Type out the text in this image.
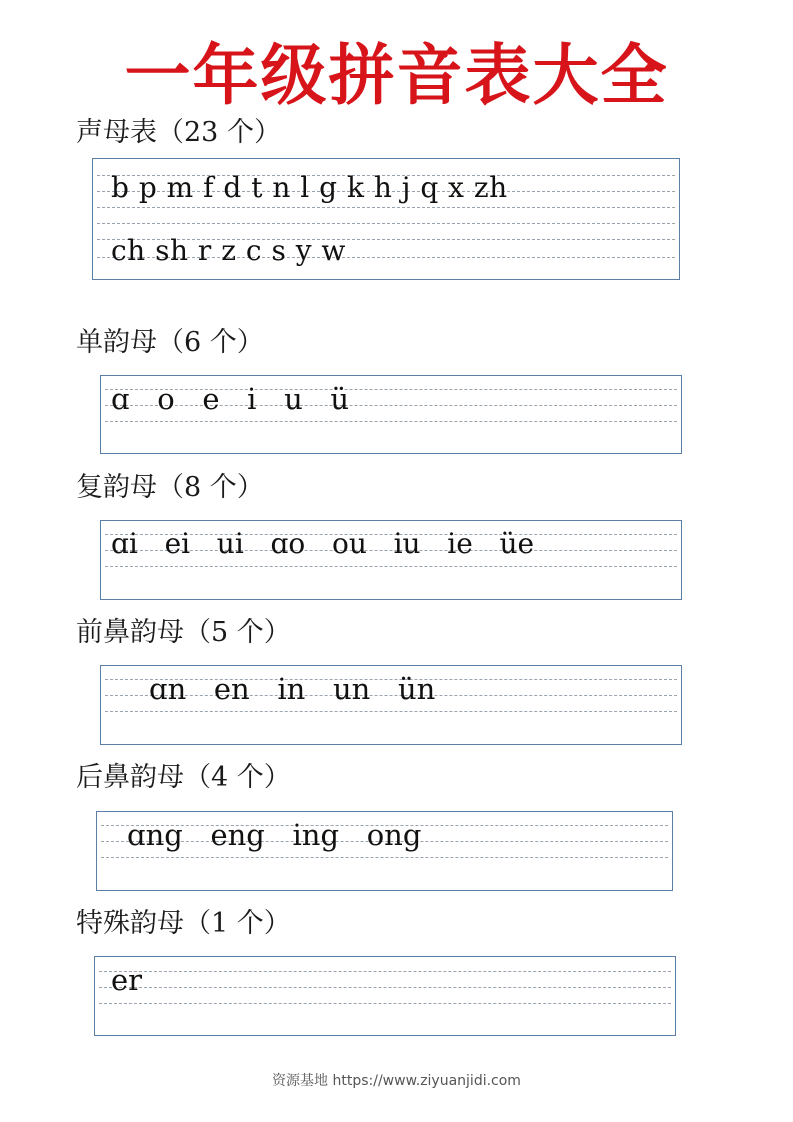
一年级拼音表大全
声母表（23 个）
b p m f d t n l g k h j q x zh
ch sh r z c s y w
单韵母（6 个）
ɑ   o   e   i   u   ü
复韵母（8 个）
ɑi   ei   ui   ɑo   ou   iu   ie   üe
前鼻韵母（5 个）
ɑn   en   in   un   ün
后鼻韵母（4 个）
ɑng   eng   ing   ong
特殊韵母（1 个）
er
资源基地 https://www.ziyuanjidi.com
